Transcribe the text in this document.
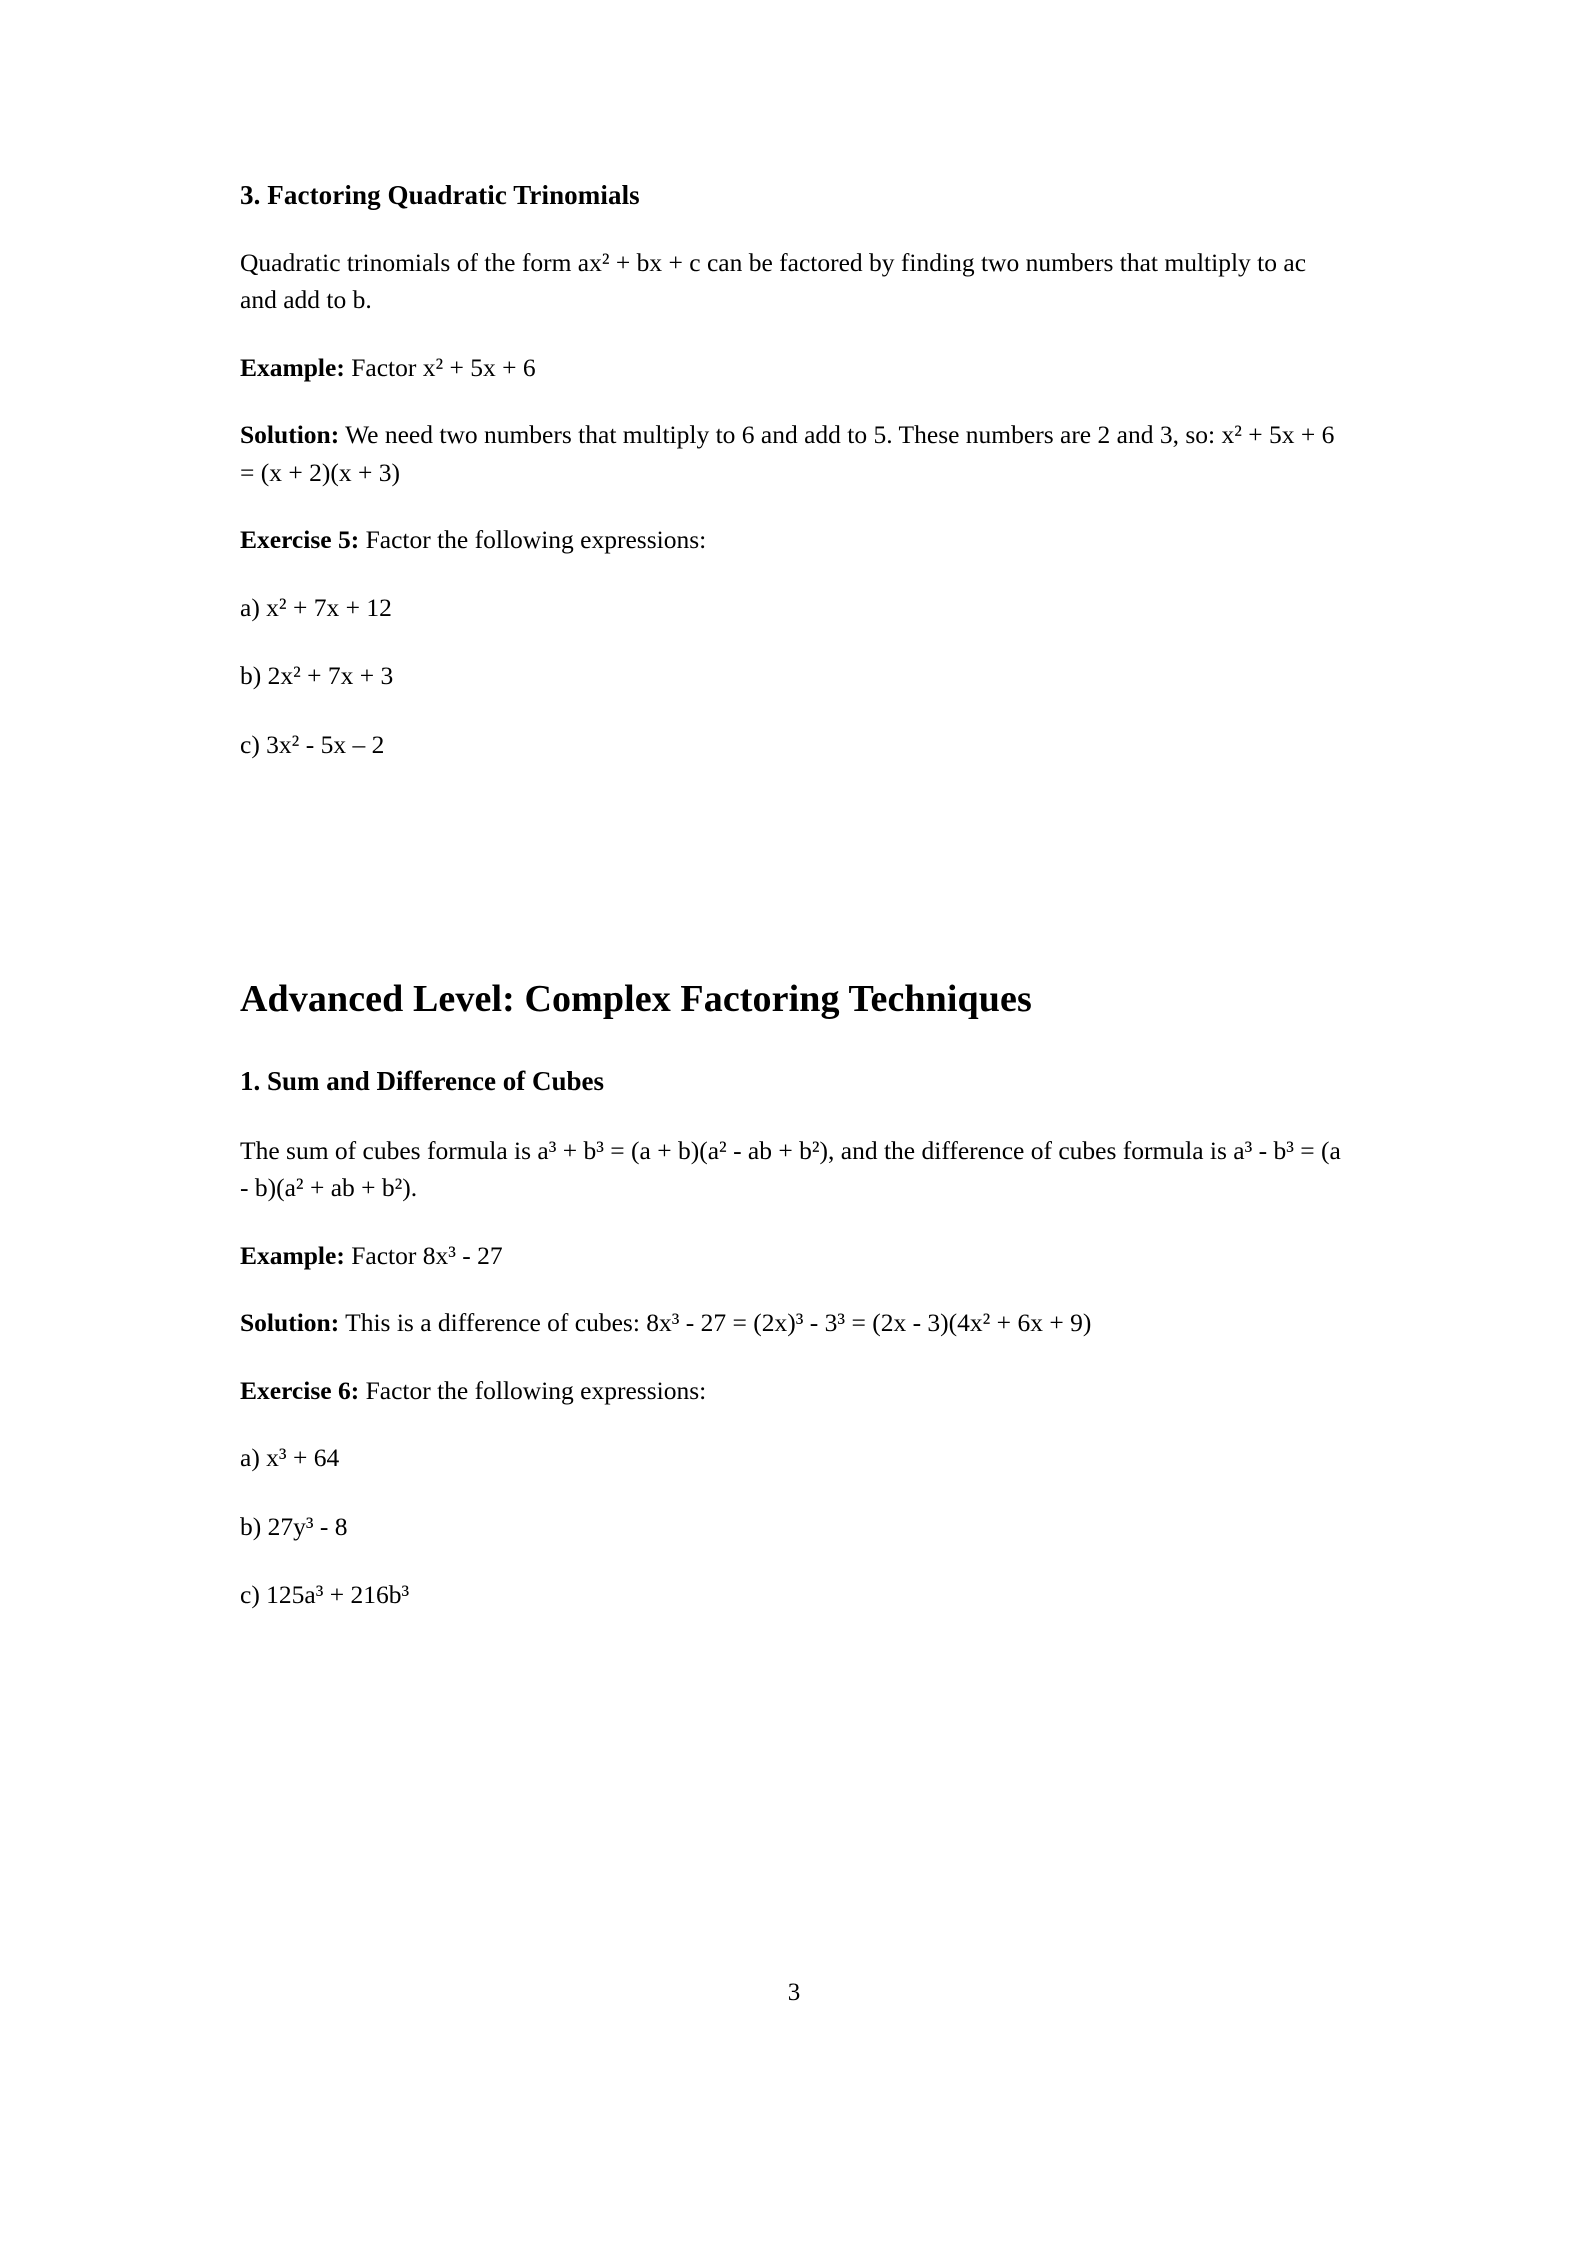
3. Factoring Quadratic Trinomials

Quadratic trinomials of the form ax² + bx + c can be factored by finding two numbers that multiply to ac and add to b.

Example: Factor x² + 5x + 6

Solution: We need two numbers that multiply to 6 and add to 5. These numbers are 2 and 3, so: x² + 5x + 6 = (x + 2)(x + 3)

Exercise 5: Factor the following expressions:

a) x² + 7x + 12

b) 2x² + 7x + 3

c) 3x² - 5x – 2

Advanced Level: Complex Factoring Techniques
1. Sum and Difference of Cubes

The sum of cubes formula is a³ + b³ = (a + b)(a² - ab + b²), and the difference of cubes formula is a³ - b³ = (a - b)(a² + ab + b²).

Example: Factor 8x³ - 27

Solution: This is a difference of cubes: 8x³ - 27 = (2x)³ - 3³ = (2x - 3)(4x² + 6x + 9)

Exercise 6: Factor the following expressions:

a) x³ + 64

b) 27y³ - 8

c) 125a³ + 216b³

3
